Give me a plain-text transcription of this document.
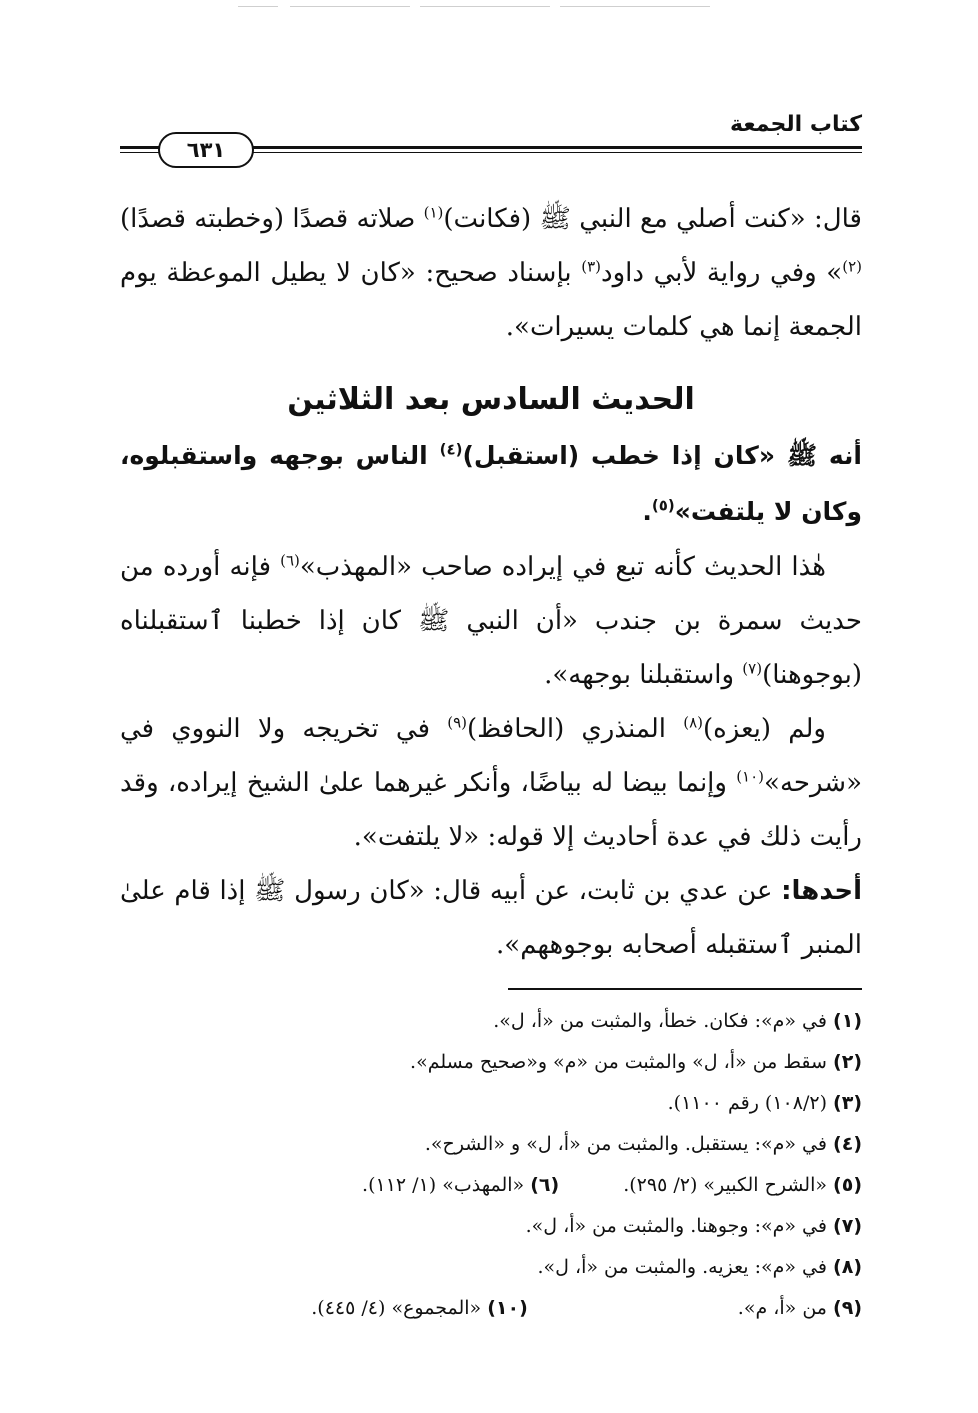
كتاب الجمعة
٦٣١

قال: «كنت أصلي مع النبي ﷺ (فكانت)$^{(١)}$ صلاته قصدًا (وخطبته قصدًا)$^{(٢)}$» وفي رواية لأبي داود$^{(٣)}$ بإسناد صحيح: «كان لا يطيل الموعظة يوم الجمعة إنما هي كلمات يسيرات».

الحديث السادس بعد الثلاثين

أنه ﷺ «كان إذا خطب (استقبل)$^{(٤)}$ الناس بوجهه واستقبلوه، وكان لا يلتفت»$^{(٥)}$.

هٰذا الحديث كأنه تبع في إيراده صاحب «المهذب»$^{(٦)}$ فإنه أورده من حديث سمرة بن جندب «أن النبي ﷺ كان إذا خطبنا ٱستقبلناه (بوجوهنا)$^{(٧)}$ واستقبلنا بوجهه».

ولم (يعزه)$^{(٨)}$ المنذري (الحافظ)$^{(٩)}$ في تخريجه ولا النووي في «شرحه»$^{(١٠)}$ وإنما بيضا له بياضًا، وأنكر غيرهما علىٰ الشيخ إيراده، وقد رأيت ذلك في عدة أحاديث إلا قوله: «لا يلتفت».

أحدها: عن عدي بن ثابت، عن أبيه قال: «كان رسول ﷺ إذا قام علىٰ المنبر ٱستقبله أصحابه بوجوههم».

(١) في «م»: فكان. خطأ، والمثبت من «أ، ل».
(٢) سقط من «أ، ل» والمثبت من «م» و«صحيح مسلم».
(٣) (١٠٨/٢) رقم ١١٠٠).
(٤) في «م»: يستقبل. والمثبت من «أ، ل» و «الشرح».
(٥) «الشرح الكبير» (٢/ ٢٩٥).
(٦) «المهذب» (١/ ١١٢).
(٧) في «م»: وجوهنا. والمثبت من «أ، ل».
(٨) في «م»: يعزيه. والمثبت من «أ، ل».
(٩) من «أ، م».
(١٠) «المجموع» (٤/ ٤٤٥).
